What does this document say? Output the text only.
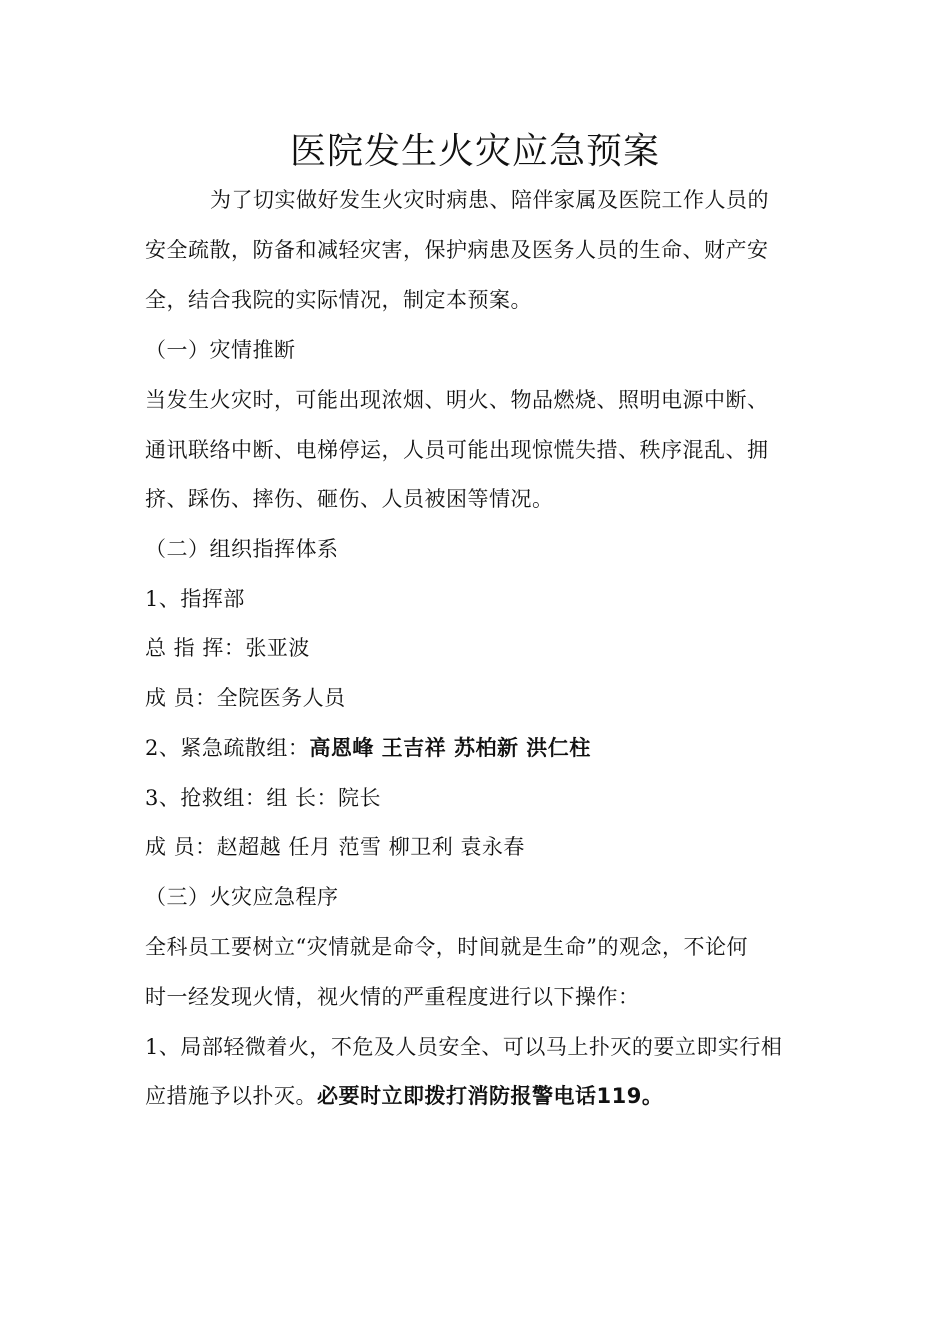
医院发生火灾应急预案
为了切实做好发生火灾时病患、陪伴家属及医院工作人员的
安全疏散，防备和减轻灾害，保护病患及医务人员的生命、财产安
全，结合我院的实际情况，制定本预案。
（一）灾情推断
当发生火灾时，可能出现浓烟、明火、物品燃烧、照明电源中断、
通讯联络中断、电梯停运，人员可能出现惊慌失措、秩序混乱、拥
挤、踩伤、摔伤、砸伤、人员被困等情况。
（二）组织指挥体系
1、指挥部
总 指 挥：张亚波
成 员：全院医务人员
2、紧急疏散组：高恩峰 王吉祥 苏柏新 洪仁柱
3、抢救组：组 长：院长
成 员：赵超越 任月 范雪 柳卫利 袁永春
（三）火灾应急程序
全科员工要树立“灾情就是命令，时间就是生命”的观念，不论何
时一经发现火情，视火情的严重程度进行以下操作：
1、局部轻微着火，不危及人员安全、可以马上扑灭的要立即实行相
应措施予以扑灭。必要时立即拨打消防报警电话119。
